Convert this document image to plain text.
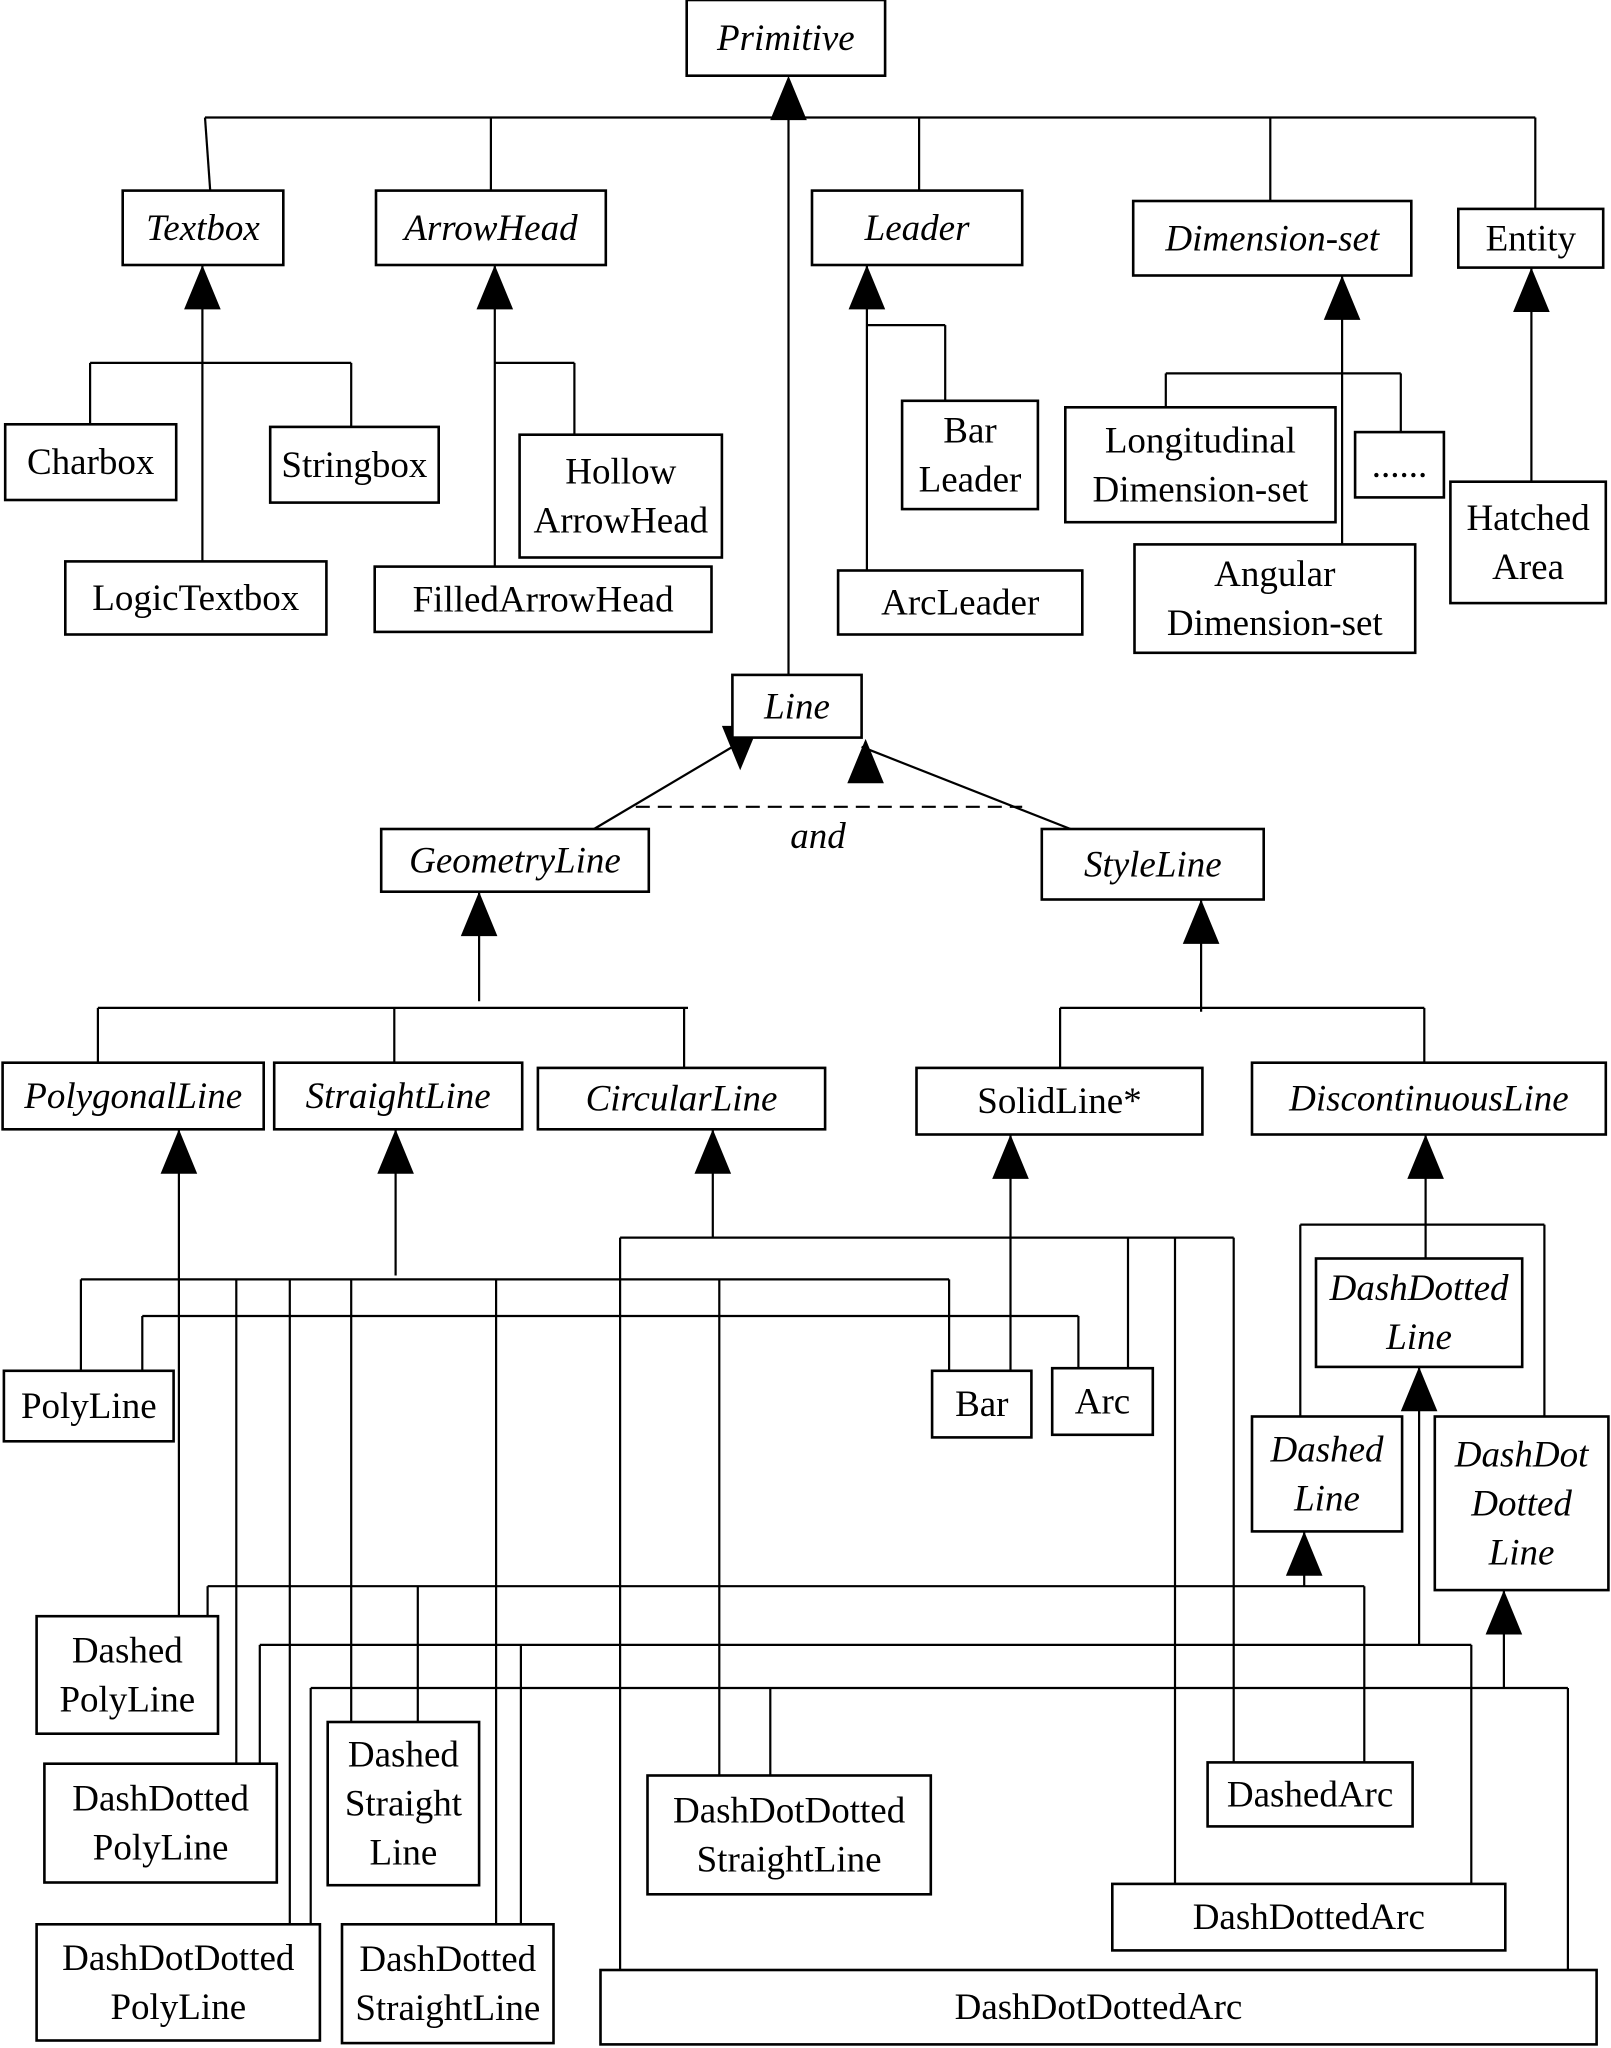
Primitive
Textbox	ArrowHead	Leader	Dimension-set	Entity
Charbox	Stringbox
LogicTextbox
Hollow
ArrowHead
FilledArrowHead
Bar
Leader
ArcLeader
Longitudinal
Dimension-set
......
Angular
Dimension-set
Hatched
Area
Line
GeometryLine	StyleLine
PolygonalLine StraightLine	CircularLine	SolidLine*	DiscontinuousLine
PolyLine	Bar Arc
DashDotted
Line
Dashed
Line
DashDot
Dotted
Line
Dashed
PolyLine
DashDotted
PolyLine
Dashed
Straight
Line
DashDotDotted
StraightLine
DashedArc
DashDotDotted
PolyLine
DashDotted
StraightLine
DashDottedArc
DashDotDottedArc
and
